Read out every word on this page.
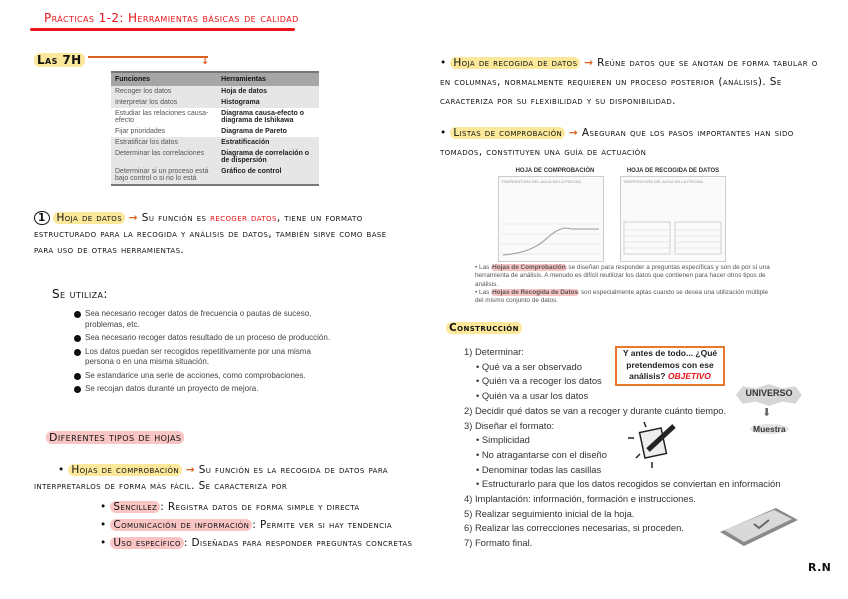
Prácticas 1-2: Herramientas básicas de calidad
Las 7H	↓
Funciones	Herramientas
Recoger los datos	Hoja de datos
Interpretar los datos	Histograma
Estudiar las relaciones causa-efecto	Diagrama causa-efecto o diagrama de Ishikawa
Fijar prioridades	Diagrama de Pareto
Estratificar los datos	Estratificación
Determinar las correlaciones	Diagrama de correlación o de dispersión
Determinar si un proceso está bajo control o si no lo está	Gráfico de control
1 Hoja de datos → Su función es recoger datos, tiene un formato estructurado para la recogida y análisis de datos, también sirve como base para uso de otras herramientas.
Se utiliza:
Sea necesario recoger datos de frecuencia o pautas de suceso, problemas, etc.
Sea necesario recoger datos resultado de un proceso de producción.
Los datos puedan ser recogidos repetitivamente por una misma persona o en una misma situación.
Se estandarice una serie de acciones, como comprobaciones.
Se recojan datos durante un proyecto de mejora.
Diferentes tipos de hojas
• Hojas de comprobación → Su función es la recogida de datos para interpretarlos de forma más fácil. Se caracteriza por
• Sencillez : Registra datos de forma simple y directa
• Comunicación de información : Permite ver si hay tendencia
• Uso específico : Diseñadas para responder preguntas concretas
• Hoja de recogida de datos → Reúne datos que se anotan de forma tabular o en columnas, normalmente requieren un proceso posterior (análisis). Se caracteriza por su flexibilidad y su disponibilidad.
• Listas de comprobación → Aseguran que los pasos importantes han sido tomados, constituyen una guía de actuación
HOJA DE COMPROBACIÓN	HOJA DE RECOGIDA DE DATOS
TEMPERATURA DEL AGUA EN LA PISCINA	TEMPERATURA DEL AGUA EN LA PISCINA
• Las Hojas de Comprobación se diseñan para responder a preguntas específicas y son de por sí una herramienta de análisis. A menudo es difícil reutilizar los datos que contienen para hacer otros tipos de análisis.
• Las Hojas de Recogida de Datos son especialmente aptas cuando se desea una utilización múltiple del mismo conjunto de datos.
Construcción
1) Determinar:
• Qué va a ser observado
• Quién va a recoger los datos
• Quién va a usar los datos
2) Decidir qué datos se van a recoger y durante cuánto tiempo.
3) Diseñar el formato:
• Simplicidad
• No atragantarse con el diseño
• Denominar todas las casillas
• Estructurarlo para que los datos recogidos se conviertan en información
4) Implantación: información, formación e instrucciones.
5) Realizar seguimiento inicial de la hoja.
6) Realizar las correcciones necesarias, si proceden.
7) Formato final.
Y antes de todo... ¿Qué pretendemos con ese análisis? OBJETIVO
UNIVERSO
⬇
Muestra
R.N
